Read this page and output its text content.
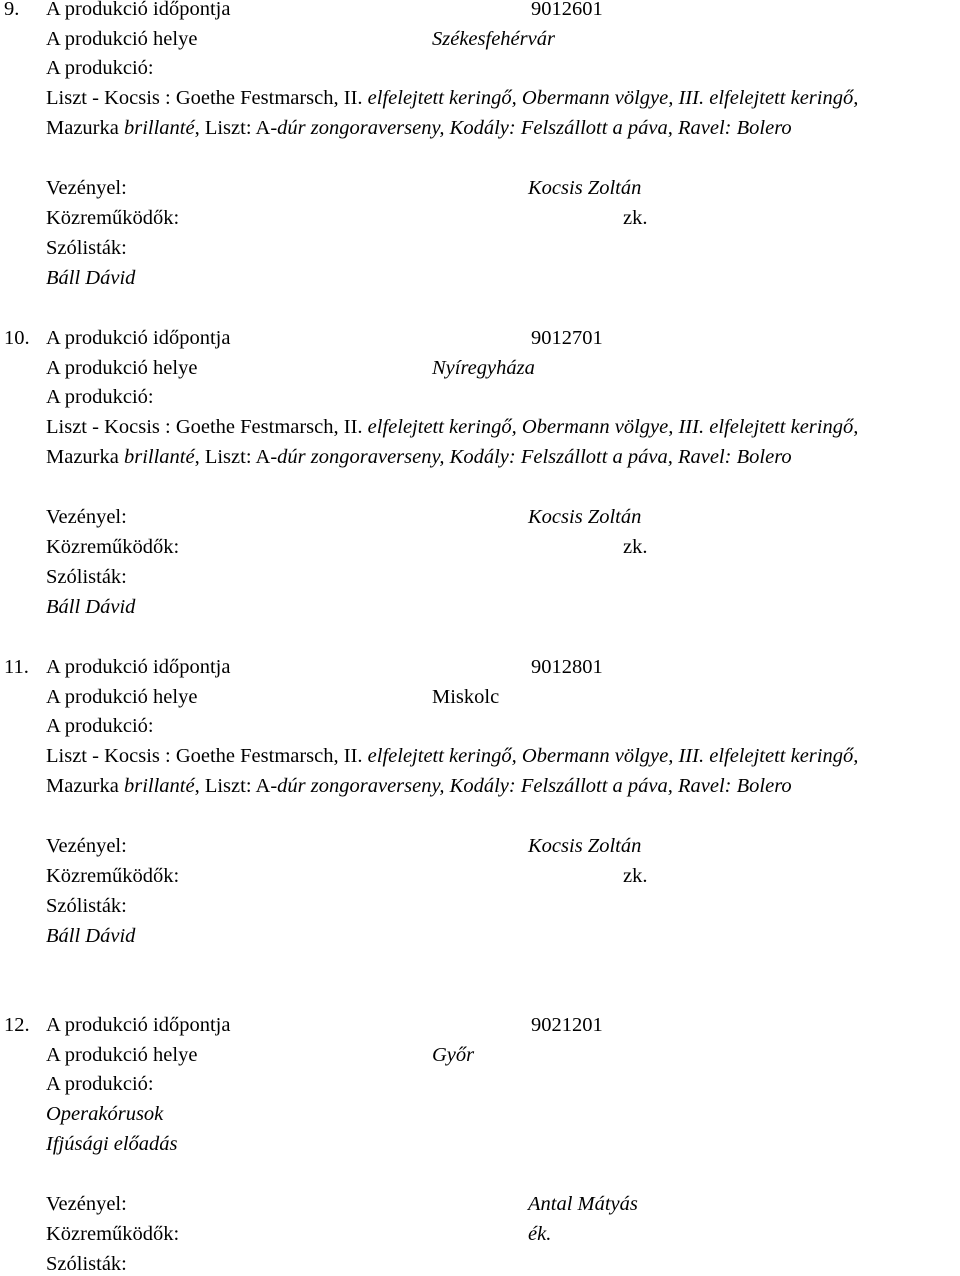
9. A produkció időpontja	9012601
A produkció helye	Székesfehérvár
A produkció:
Liszt - Kocsis : Goethe Festmarsch, II. elfelejtett keringő, Obermann völgye, III. elfelejtett keringő,
Mazurka brillanté, Liszt: A-dúr zongoraverseny, Kodály: Felszállott a páva, Ravel: Bolero
Vezényel:	Kocsis Zoltán
Közreműködők:	zk.
Szólisták:
Báll Dávid
10. A produkció időpontja	9012701
A produkció helye	Nyíregyháza
A produkció:
Liszt - Kocsis : Goethe Festmarsch, II. elfelejtett keringő, Obermann völgye, III. elfelejtett keringő,
Mazurka brillanté, Liszt: A-dúr zongoraverseny, Kodály: Felszállott a páva, Ravel: Bolero
Vezényel:	Kocsis Zoltán
Közreműködők:	zk.
Szólisták:
Báll Dávid
11. A produkció időpontja	9012801
A produkció helye	Miskolc
A produkció:
Liszt - Kocsis : Goethe Festmarsch, II. elfelejtett keringő, Obermann völgye, III. elfelejtett keringő,
Mazurka brillanté, Liszt: A-dúr zongoraverseny, Kodály: Felszállott a páva, Ravel: Bolero
Vezényel:	Kocsis Zoltán
Közreműködők:	zk.
Szólisták:
Báll Dávid
12. A produkció időpontja	9021201
A produkció helye	Győr
A produkció:
Operakórusok
Ifjúsági előadás
Vezényel:	Antal Mátyás
Közreműködők:	ék.
Szólisták:
